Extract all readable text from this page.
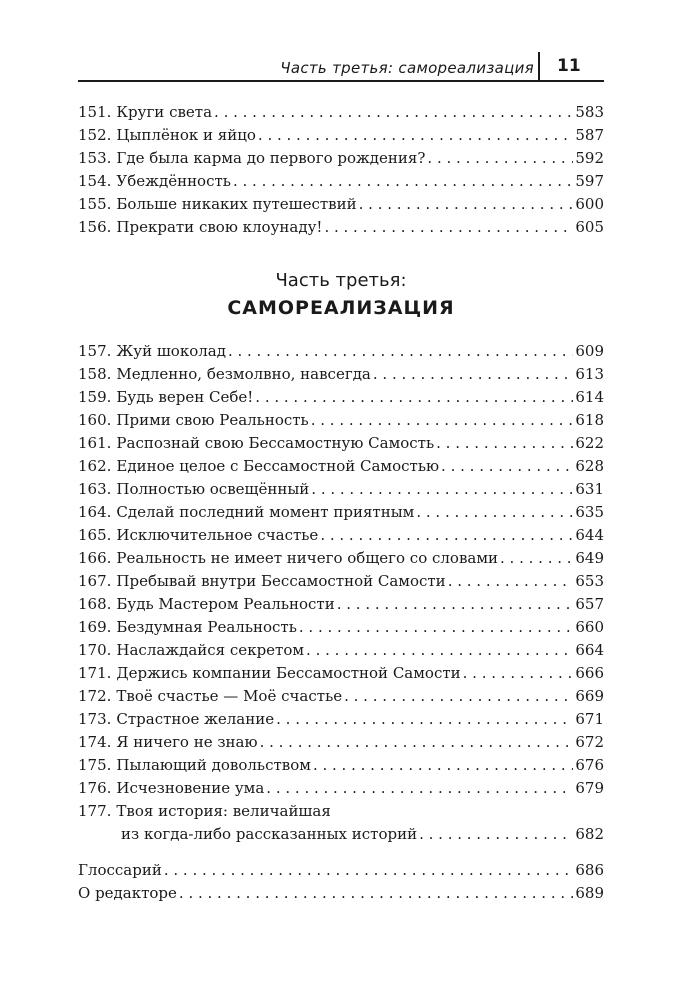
Часть третья: самореализация 11
151. Круги света . . .	583
152. Цыплёнок и яйцо . . .	587
153. Где была карма до первого рождения? . . .	592
154. Убеждённость . . .	597
155. Больше никаких путешествий . . .	600
156. Прекрати свою клоунаду! . . .	605
Часть третья:
САМОРЕАЛИЗАЦИЯ
157. Жуй шоколад . . .	609
158. Медленно, безмолвно, навсегда . . .	613
159. Будь верен Себе! . . .	614
160. Прими свою Реальность . . .	618
161. Распознай свою Бессамостную Самость . . .	622
162. Единое целое с Бессамостной Самостью . . .	628
163. Полностью освещённый . . .	631
164. Сделай последний момент приятным . . .	635
165. Исключительное счастье . . .	644
166. Реальность не имеет ничего общего со словами . . .	649
167. Пребывай внутри Бессамостной Самости . . .	653
168. Будь Мастером Реальности . . .	657
169. Бездумная Реальность . . .	660
170. Наслаждайся секретом . . .	664
171. Держись компании Бессамостной Самости . . .	666
172. Твоё счастье — Моё счастье . . .	669
173. Страстное желание . . .	671
174. Я ничего не знаю . . .	672
175. Пылающий довольством . . .	676
176. Исчезновение ума . . .	679
177. Твоя история: величайшая
из когда-либо рассказанных историй . . .	682
Глоссарий . . .	686
О редакторе . . .	689
